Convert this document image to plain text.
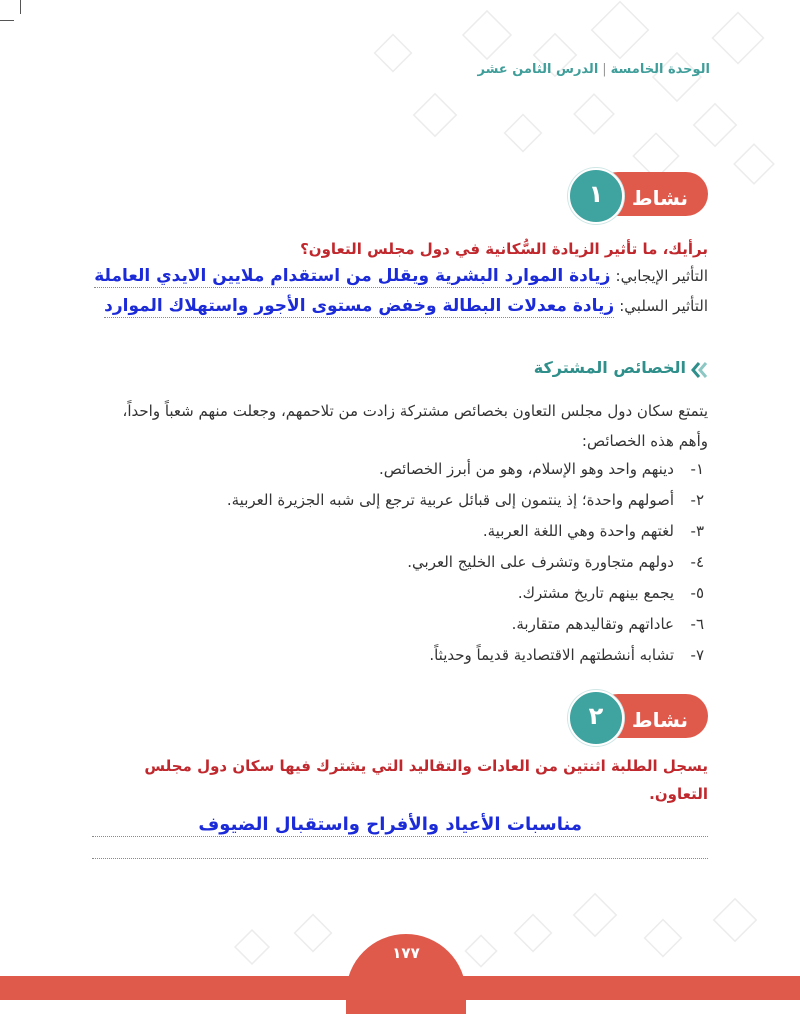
الوحدة الخامسة|الدرس الثامن عشر
نشاط
١
برأيك، ما تأثير الزيادة السُّكانية في دول مجلس التعاون؟
التأثير الإيجابي: زيادة الموارد البشرية ويقلل من استقدام ملايين الايدي العاملة
التأثير السلبي: زيادة معدلات البطالة وخفض مستوى الأجور واستهلاك الموارد
الخصائص المشتركة
يتمتع سكان دول مجلس التعاون بخصائص مشتركة زادت من تلاحمهم، وجعلت منهم شعباً واحداً، وأهم هذه الخصائص:
١-دينهم واحد وهو الإسلام، وهو من أبرز الخصائص.
٢-أصولهم واحدة؛ إذ ينتمون إلى قبائل عربية ترجع إلى شبه الجزيرة العربية.
٣-لغتهم واحدة وهي اللغة العربية.
٤-دولهم متجاورة وتشرف على الخليج العربي.
٥-يجمع بينهم تاريخ مشترك.
٦-عاداتهم وتقاليدهم متقاربة.
٧-تشابه أنشطتهم الاقتصادية قديماً وحديثاً.
نشاط
٢
يسجل الطلبة اثنتين من العادات والتقاليد التي يشترك فيها سكان دول مجلس التعاون.
مناسبات الأعياد والأفراح واستقبال الضيوف
١٧٧
